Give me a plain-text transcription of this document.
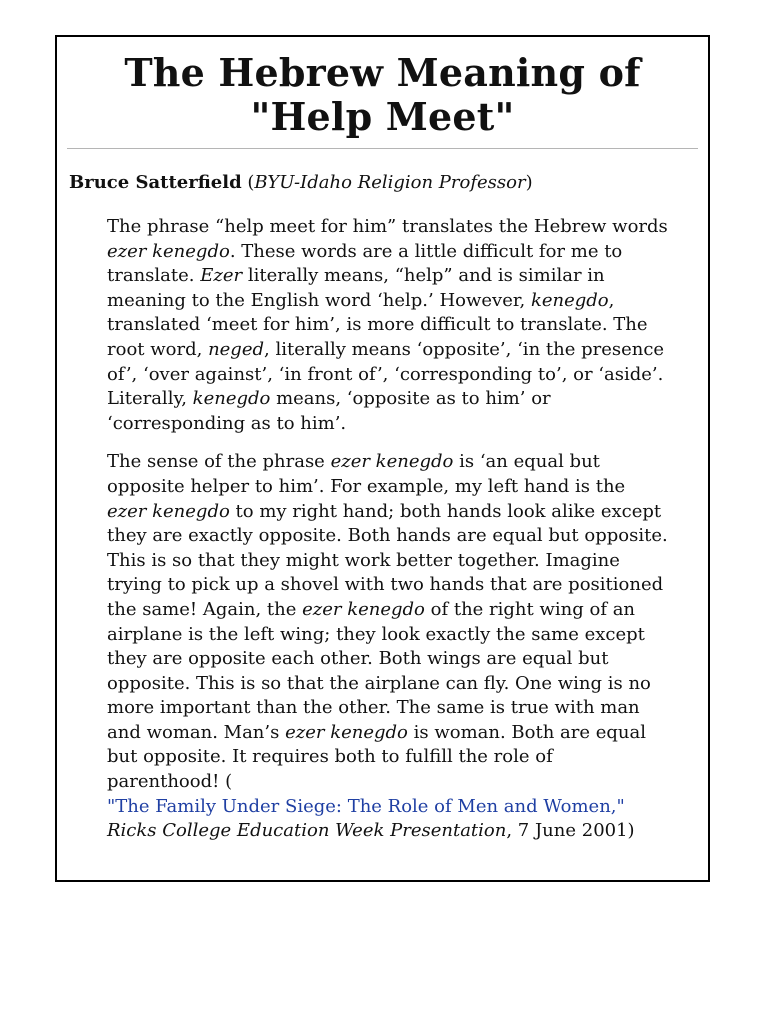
The Hebrew Meaning of
"Help Meet"
Bruce Satterfield (BYU-Idaho Religion Professor)

The phrase “help meet for him” translates the Hebrew words ezer kenegdo. These words are a little difficult for me to translate. Ezer literally means, “help” and is similar in meaning to the English word ‘help.’ However, kenegdo, translated ‘meet for him’, is more difficult to translate. The root word, neged, literally means ‘opposite’, ‘in the presence of’, ‘over against’, ‘in front of’, ‘corresponding to’, or ‘aside’. Literally, kenegdo means, ‘opposite as to him’ or ‘corresponding as to him’.

The sense of the phrase ezer kenegdo is ‘an equal but opposite helper to him’. For example, my left hand is the ezer kenegdo to my right hand; both hands look alike except they are exactly opposite. Both hands are equal but opposite. This is so that they might work better together. Imagine trying to pick up a shovel with two hands that are positioned the same! Again, the ezer kenegdo of the right wing of an airplane is the left wing; they look exactly the same except they are opposite each other. Both wings are equal but opposite. This is so that the airplane can fly. One wing is no more important than the other. The same is true with man and woman. Man’s ezer kenegdo is woman. Both are equal but opposite. It requires both to fulfill the role of parenthood! (
"The Family Under Siege: The Role of Men and Women,"
Ricks College Education Week Presentation, 7 June 2001)
